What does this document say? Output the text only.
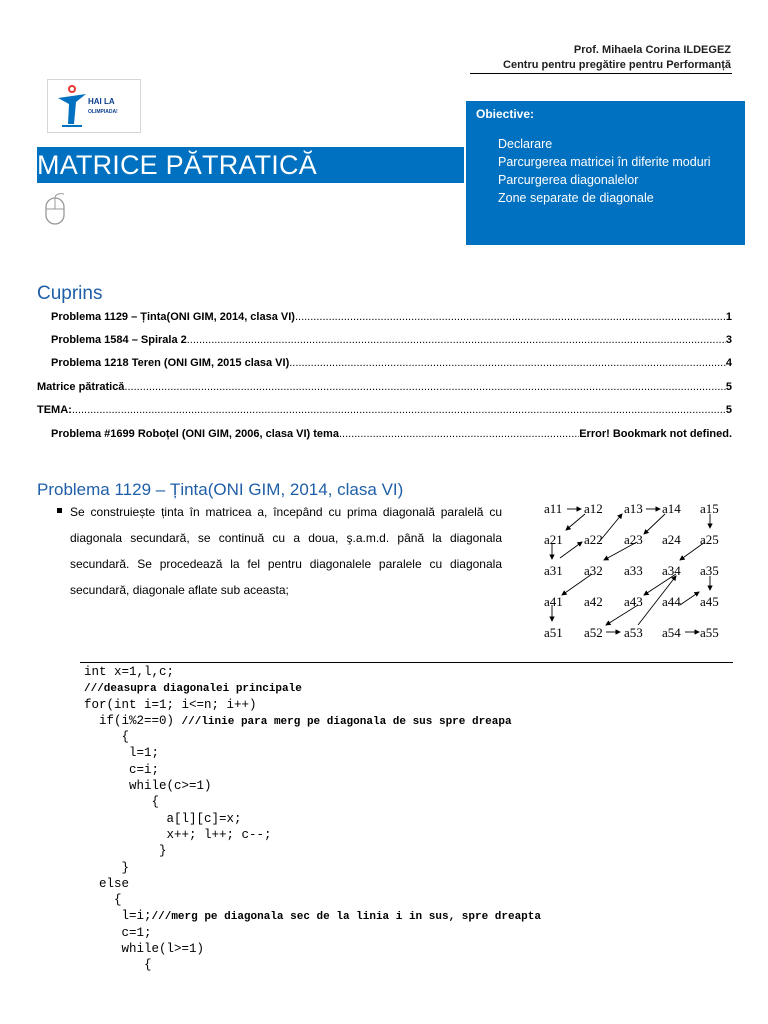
Prof. Mihaela Corina ILDEGEZ
Centru pentru pregătire pentru Performanță
HAI LA
OLIMPIADA!
MATRICE PĂTRATICĂ
Obiective:
Declarare
Parcurgerea matricei în diferite moduri
Parcurgerea diagonalelor
Zone separate de diagonale
Cuprins
Problema 1129 – Ținta(ONI GIM, 2014, clasa VI) .....	1
Problema 1584 – Spirala 2 .....	3
Problema 1218 Teren (ONI GIM, 2015 clasa VI) .....	4
Matrice pătratică .....	5
TEMA: .....	5
Problema #1699 Roboțel (ONI GIM, 2006, clasa VI) tema .....	Error! Bookmark not defined.
Problema 1129 – Ținta(ONI GIM, 2014, clasa VI)
Se construiește ținta în matricea a, începând cu prima diagonală paralelă cu diagonala secundară, se continuă cu a doua, ş.a.m.d. până la diagonala secundară. Se procedează la fel pentru diagonalele paralele cu diagonala secundară, diagonale aflate sub aceasta;
a11 a12 a13 a14 a15
a21 a22 a23 a24 a25
a31 a32 a33 a34 a35
a41 a42 a43 a44 a45
a51 a52 a53 a54 a55
int x=1,l,c;
///deasupra diagonalei principale
for(int i=1; i<=n; i++)
if(i%2==0) ///linie para merg pe diagonala de sus spre dreapa
{
l=1;
c=i;
while(c>=1)
{
a[l][c]=x;
x++; l++; c--;
}
}
else
{
l=i;///merg pe diagonala sec de la linia i in sus, spre dreapta
c=1;
while(l>=1)
{
